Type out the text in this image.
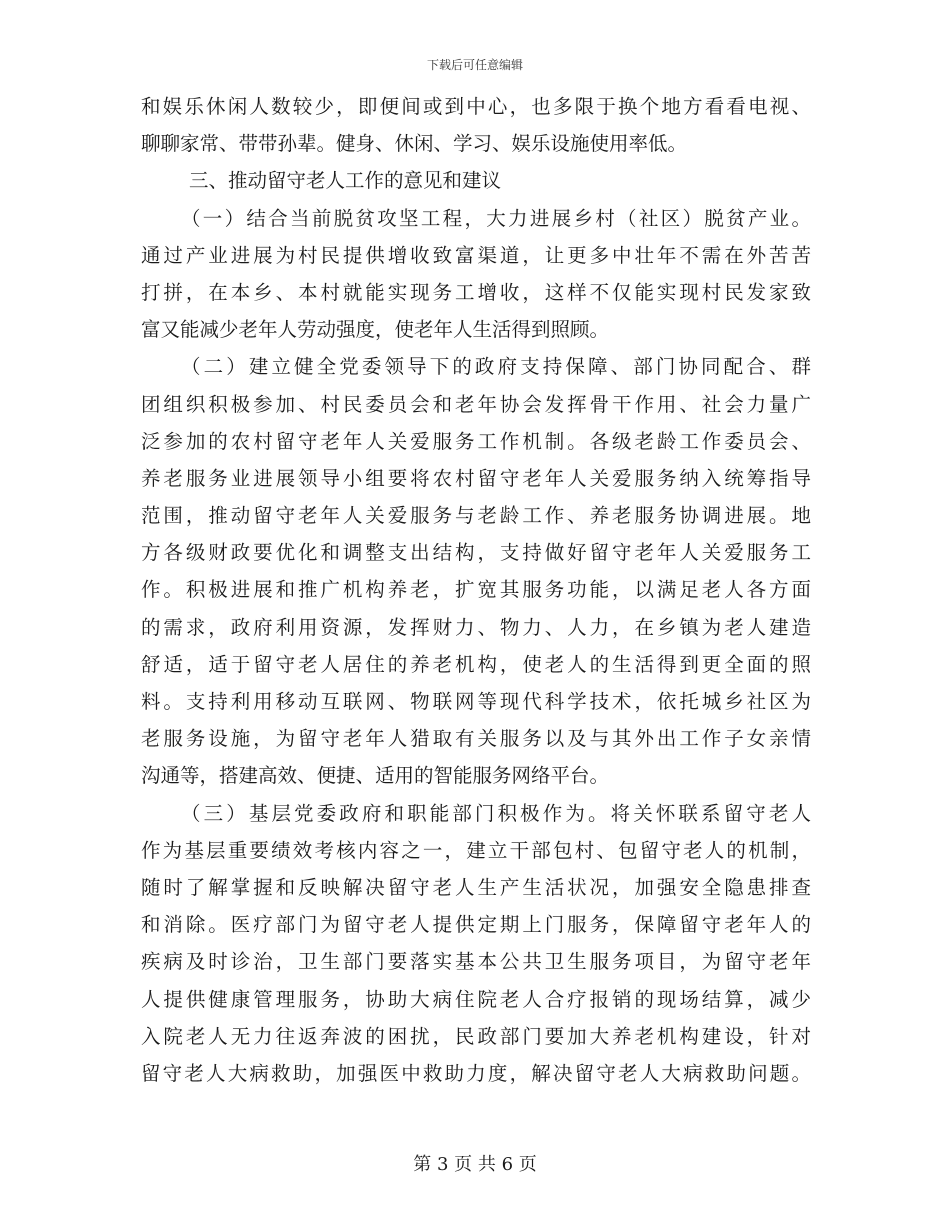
下载后可任意编辑
和娱乐休闲人数较少，即便间或到中心，也多限于换个地方看看电视、
聊聊家常、带带孙辈。健身、休闲、学习、娱乐设施使用率低。
三、推动留守老人工作的意见和建议
（一）结合当前脱贫攻坚工程，大力进展乡村（社区）脱贫产业。
通过产业进展为村民提供增收致富渠道，让更多中壮年不需在外苦苦
打拼，在本乡、本村就能实现务工增收，这样不仅能实现村民发家致
富又能减少老年人劳动强度，使老年人生活得到照顾。
（二）建立健全党委领导下的政府支持保障、部门协同配合、群
团组织积极参加、村民委员会和老年协会发挥骨干作用、社会力量广
泛参加的农村留守老年人关爱服务工作机制。各级老龄工作委员会、
养老服务业进展领导小组要将农村留守老年人关爱服务纳入统筹指导
范围，推动留守老年人关爱服务与老龄工作、养老服务协调进展。地
方各级财政要优化和调整支出结构，支持做好留守老年人关爱服务工
作。积极进展和推广机构养老，扩宽其服务功能，以满足老人各方面
的需求，政府利用资源，发挥财力、物力、人力，在乡镇为老人建造
舒适，适于留守老人居住的养老机构，使老人的生活得到更全面的照
料。支持利用移动互联网、物联网等现代科学技术，依托城乡社区为
老服务设施，为留守老年人猎取有关服务以及与其外出工作子女亲情
沟通等，搭建高效、便捷、适用的智能服务网络平台。
（三）基层党委政府和职能部门积极作为。将关怀联系留守老人
作为基层重要绩效考核内容之一，建立干部包村、包留守老人的机制，
随时了解掌握和反映解决留守老人生产生活状况，加强安全隐患排查
和消除。医疗部门为留守老人提供定期上门服务，保障留守老年人的
疾病及时诊治，卫生部门要落实基本公共卫生服务项目，为留守老年
人提供健康管理服务，协助大病住院老人合疗报销的现场结算，减少
入院老人无力往返奔波的困扰，民政部门要加大养老机构建设，针对
留守老人大病救助，加强医中救助力度，解决留守老人大病救助问题。
第 3 页 共 6 页
